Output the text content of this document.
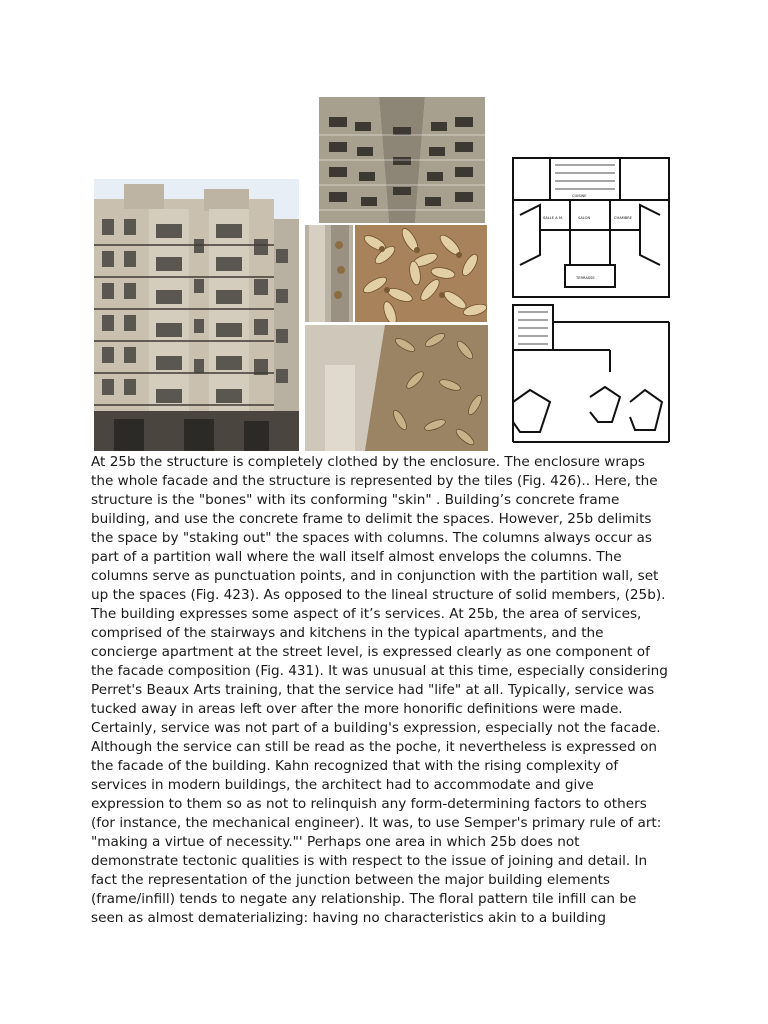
CUISINE
SALON
SALLE A M.	CHAMBRE
TERRASSE

At 25b the structure is completely clothed by the enclosure. The enclosure wraps
the whole facade and the structure is represented by the tiles (Fig. 426).. Here, the
structure is the "bones" with its conforming "skin" . Building’s concrete frame
building, and use the concrete frame to delimit the spaces. However, 25b delimits
the space by "staking out" the spaces with columns. The columns always occur as
part of a partition wall where the wall itself almost envelops the columns. The
columns serve as punctuation points, and in conjunction with the partition wall, set
up the spaces (Fig. 423). As opposed to the lineal structure of solid members, (25b).
The building expresses some aspect of it’s services. At 25b, the area of services,
comprised of the stairways and kitchens in the typical apartments, and the
concierge apartment at the street level, is expressed clearly as one component of
the facade composition (Fig. 431). It was unusual at this time, especially considering
Perret's Beaux Arts training, that the service had "life" at all. Typically, service was
tucked away in areas left over after the more honorific definitions were made.
Certainly, service was not part of a building's expression, especially not the facade.
Although the service can still be read as the poche, it nevertheless is expressed on
the facade of the building. Kahn recognized that with the rising complexity of
services in modern buildings, the architect had to accommodate and give
expression to them so as not to relinquish any form-determining factors to others
(for instance, the mechanical engineer). It was, to use Semper's primary rule of art:
"making a virtue of necessity."' Perhaps one area in which 25b does not
demonstrate tectonic qualities is with respect to the issue of joining and detail. In
fact the representation of the junction between the major building elements
(frame/infill) tends to negate any relationship. The floral pattern tile infill can be
seen as almost dematerializing: having no characteristics akin to a building
